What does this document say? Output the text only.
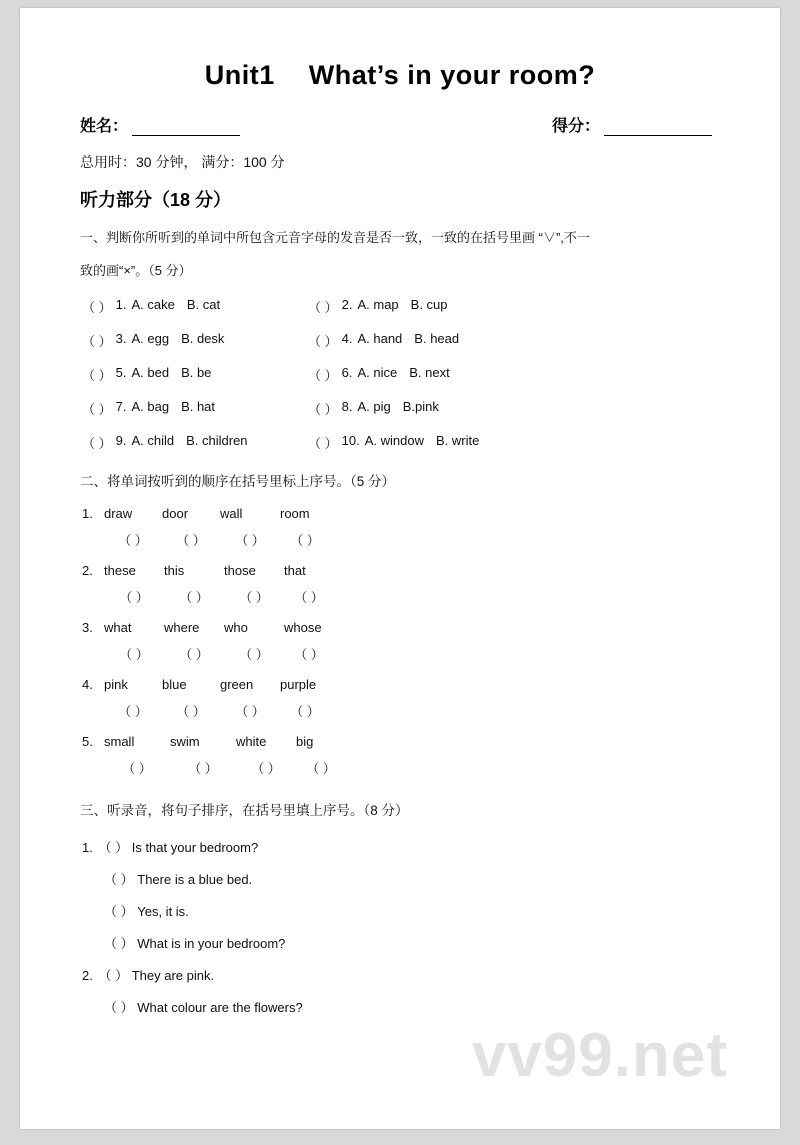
vv99.net
Unit1 What’s in your room?
姓名：	得分：
总用时：30 分钟， 满分：100 分
听力部分（18 分）
一、判断你所听到的单词中所包含元音字母的发音是否一致，一致的在括号里画 “∨”,不一
致的画“×”。（5 分）
（ ） 1. A. cake B. cat	（ ） 2. A. map B. cup
（ ） 3. A. egg B. desk	（ ） 4. A. hand B. head
（ ） 5. A. bed B. be	（ ） 6. A. nice B. next
（ ） 7. A. bag B. hat	（ ） 8. A. pig B.pink
（ ） 9. A. child B. children	（ ） 10. A. window B. write
二、将单词按听到的顺序在括号里标上序号。（5 分）
1. draw	door	wall	room
（ ）	（ ）	（ ）	（ ）
2. these	this	those	that
（ ）	（ ）	（ ）	（ ）
3. what	where	who	whose
（ ）	（ ）	（ ）	（ ）
4. pink	blue	green	purple
（ ）	（ ）	（ ）	（ ）
5. small	swim	white	big
（ ）	（ ）	（ ）	（ ）
三、听录音，将句子排序，在括号里填上序号。（8 分）
1. （ ） Is that your bedroom?
（ ） There is a blue bed.
（ ） Yes, it is.
（ ） What is in your bedroom?
2. （ ） They are pink.
（ ） What colour are the flowers?
